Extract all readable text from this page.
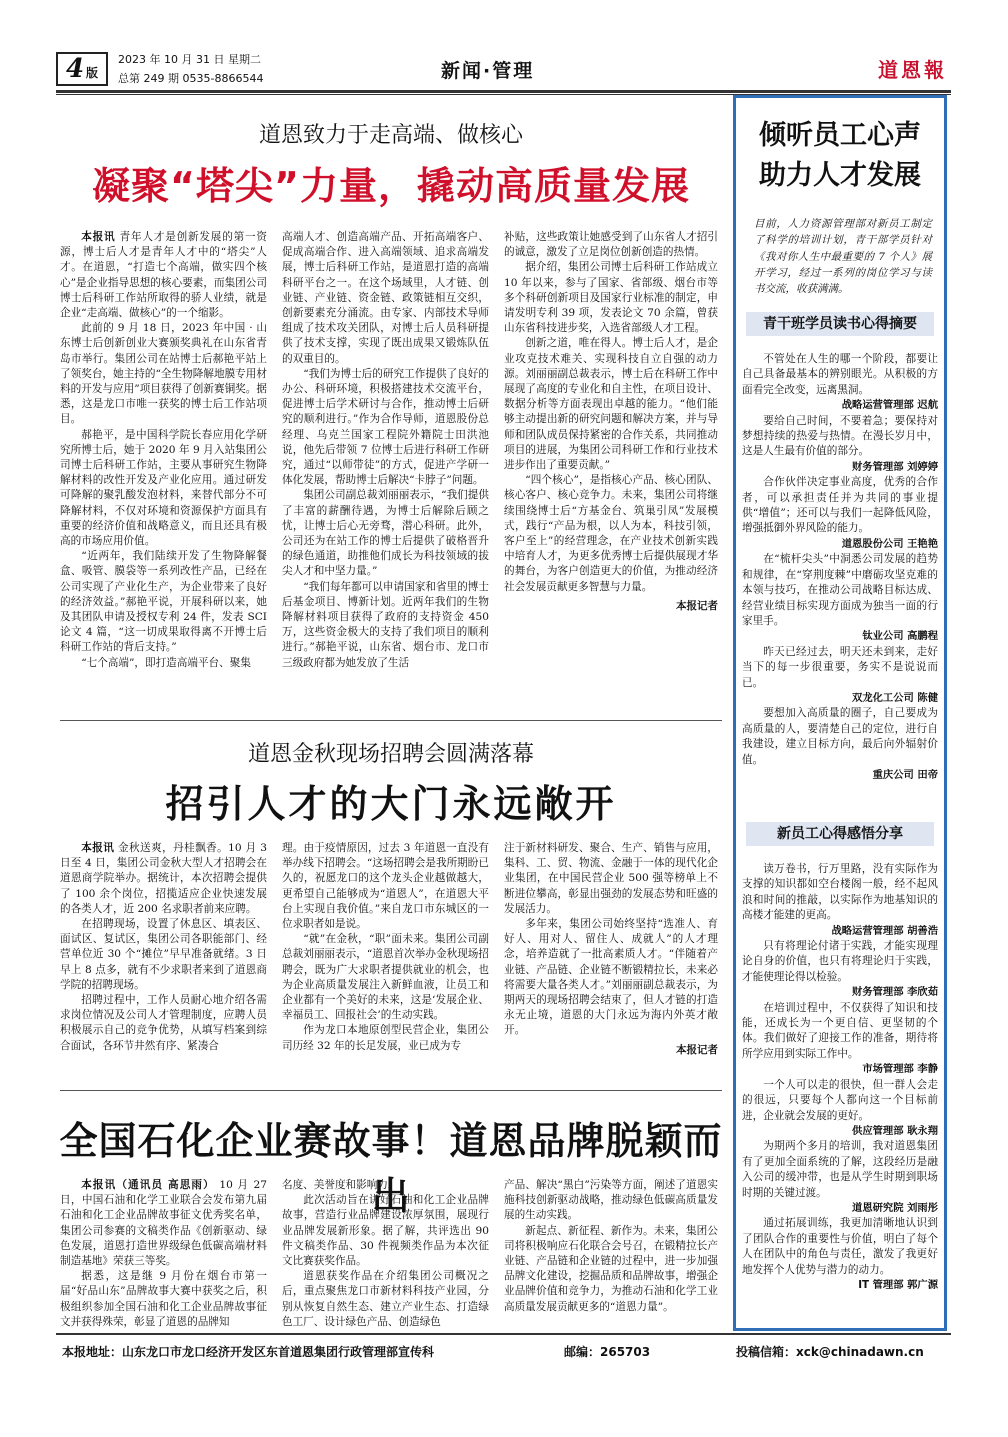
4 版
2023 年 10 月 31 日 星期二
总第 249 期 0535-8866544	新闻·管理	道恩報
道恩致力于走高端、做核心
凝聚“塔尖”力量，撬动高质量发展

本报讯 青年人才是创新发展的第一资源，博士后人才是青年人才中的“塔尖”人才。在道恩，“打造七个高端，做实四个核心”是企业指导思想的核心要素，而集团公司博士后科研工作站所取得的骄人业绩，就是企业“走高端、做核心”的一个缩影。

此前的 9 月 18 日，2023 年中国 · 山东博士后创新创业大赛颁奖典礼在山东省青岛市举行。集团公司在站博士后郝艳平站上了领奖台，她主持的“全生物降解地膜专用材料的开发与应用”项目获得了创新赛铜奖。据悉，这是龙口市唯一获奖的博士后工作站项目。

郝艳平，是中国科学院长春应用化学研究所博士后，她于 2020 年 9 月入站集团公司博士后科研工作站，主要从事研究生物降解材料的改性开发及产业化应用。通过研发可降解的聚乳酸发泡材料，来替代部分不可降解材料，不仅对环境和资源保护方面具有重要的经济价值和战略意义，而且还具有极高的市场应用价值。

“近两年，我们陆续开发了生物降解餐盒、吸管、膜袋等一系列改性产品，已经在公司实现了产业化生产，为企业带来了良好的经济效益。”郝艳平说，开展科研以来，她及其团队申请及授权专利 24 件，发表 SCI 论文 4 篇，“这一切成果取得离不开博士后科研工作站的背后支持。”

“七个高端”，即打造高端平台、聚集

高端人才、创造高端产品、开拓高端客户、促成高端合作、进入高端领域、追求高端发展，博士后科研工作站，是道恩打造的高端科研平台之一。在这个场域里，人才链、创业链、产业链、资金链、政策链相互交织，创新要素充分涌流。由专家、内部技术导师组成了技术攻关团队，对博士后人员科研提供了技术支撑，实现了既出成果又锻炼队伍的双重目的。

“我们为博士后的研究工作提供了良好的办公、科研环境，积极搭建技术交流平台，促进博士后学术研讨与合作，推动博士后研究的顺利进行。”作为合作导师，道恩股份总经理、乌克兰国家工程院外籍院士田洪池说，他先后带领 7 位博士后进行科研工作研究，通过“以师带徒”的方式，促进产学研一体化发展，帮助博士后解决“卡脖子”问题。

集团公司副总裁刘丽丽表示，“我们提供了丰富的薪酬待遇，为博士后解除后顾之忧，让博士后心无旁骛，潜心科研。此外，公司还为在站工作的博士后提供了破格晋升的绿色通道，助推他们成长为科技领域的拔尖人才和中坚力量。”

“我们每年都可以申请国家和省里的博士后基金项目、博新计划。近两年我们的生物降解材料项目获得了政府的支持资金 450 万，这些资金极大的支持了我们项目的顺利进行。”郝艳平说，山东省、烟台市、龙口市三级政府都为她发放了生活

补贴，这些政策让她感受到了山东省人才招引的诚意，激发了立足岗位创新创造的热情。

据介绍，集团公司博士后科研工作站成立 10 年以来，参与了国家、省部级、烟台市等多个科研创新项目及国家行业标准的制定，申请发明专利 39 项，发表论文 70 余篇，曾获山东省科技进步奖，入选省部级人才工程。

创新之道，唯在得人。博士后人才，是企业攻克技术难关、实现科技自立自强的动力源。刘丽丽副总裁表示，博士后在科研工作中展现了高度的专业化和自主性，在项目设计、数据分析等方面表现出卓越的能力。“他们能够主动提出新的研究问题和解决方案，并与导师和团队成员保持紧密的合作关系，共同推动项目的进展，为集团公司科研工作和行业技术进步作出了重要贡献。”

“四个核心”，是指核心产品、核心团队、核心客户、核心竞争力。未来，集团公司将继续围绕博士后“方基金台、筑巢引凤”发展模式，践行“产品为根，以人为本，科技引领，客户至上”的经营理念，在产业技术创新实践中培育人才，为更多优秀博士后提供展现才华的舞台，为客户创造更大的价值，为推动经济社会发展贡献更多智慧与力量。

本报记者
道恩金秋现场招聘会圆满落幕
招引人才的大门永远敞开

本报讯 金秋送爽，丹桂飘香。10 月 3 日至 4 日，集团公司金秋大型人才招聘会在道恩商学院举办。据统计，本次招聘会提供了 100 余个岗位，招揽适应企业快速发展的各类人才，近 200 名求职者前来应聘。

在招聘现场，设置了休息区、填表区、面试区、复试区，集团公司各职能部门、经营单位近 30 个“摊位”早早准备就绪。3 日早上 8 点多，就有不少求职者来到了道恩商学院的招聘现场。

招聘过程中，工作人员耐心地介绍各需求岗位情况及公司人才管理制度，应聘人员积极展示自己的竞争优势，从填写档案到综合面试，各环节井然有序、紧凑合

理。由于疫情原因，过去 3 年道恩一直没有举办线下招聘会。“这场招聘会是我所期盼已久的，祝愿龙口的这个龙头企业越做越大，更希望自己能够成为“道恩人”，在道恩大平台上实现自我价值。”来自龙口市东城区的一位求职者如是说。

“就”在金秋，“职”面未来。集团公司副总裁刘丽丽表示，“道恩首次举办金秋现场招聘会，既为广大求职者提供就业的机会，也为企业高质量发展注入新鲜血液，让员工和企业都有一个美好的未来，这是‘发展企业、幸福员工、回报社会’的生动实践。

作为龙口本地原创型民营企业，集团公司历经 32 年的长足发展，业已成为专

注于新材料研发、聚合、生产、销售与应用，集科、工、贸、物流、金融于一体的现代化企业集团，在中国民营企业 500 强等榜单上不断进位攀高，彰显出强劲的发展态势和旺盛的发展活力。

多年来，集团公司始终坚持“选准人、育好人、用对人、留住人、成就人”的人才理念，培养造就了一批高素质人才。“伴随着产业链、产品链、企业链不断锻精拉长，未来必将需要大量各类人才。”刘丽丽副总裁表示，为期两天的现场招聘会结束了，但人才链的打造永无止境，道恩的大门永远为海内外英才敞开。

本报记者
全国石化企业赛故事！道恩品牌脱颖而出

本报讯（通讯员 高思雨） 10 月 27 日，中国石油和化学工业联合会发布第九届石油和化工企业品牌故事征文优秀奖名单，集团公司参赛的文稿类作品《创新驱动、绿色发展，道恩打造世界级绿色低碳高端材料制造基地》荣获三等奖。

据悉，这是继 9 月份在烟台市第一届“好品山东”品牌故事大赛中获奖之后，积极组织参加全国石油和化工企业品牌故事征文并获得殊荣，彰显了道恩的品牌知

名度、美誉度和影响力。

此次活动旨在讲好石油和化工企业品牌故事，营造行业品牌建设浓厚氛围，展现行业品牌发展新形象。据了解，共评选出 90 件文稿类作品、30 件视频类作品为本次征文比赛获奖作品。

道恩获奖作品在介绍集团公司概况之后，重点聚焦龙口市新材料科技产业园，分别从恢复自然生态、建立产业生态、打造绿色工厂、设计绿色产品、创造绿色

产品、解决“黑白”污染等方面，阐述了道恩实施科技创新驱动战略，推动绿色低碳高质量发展的生动实践。

新起点、新征程、新作为。未来，集团公司将积极响应石化联合会号召，在锻精拉长产业链、产品链和企业链的过程中，进一步加强品牌文化建设，挖掘品质和品牌故事，增强企业品牌价值和竞争力，为推动石油和化学工业高质量发展贡献更多的“道恩力量”。

倾听员工心声
助力人才发展
目前，人力资源管理部对新员工制定了科学的培训计划，青干部学员针对《我对你人生中最重要的 7 个人》展开学习，经过一系列的岗位学习与读书交流，收获满满。
青干班学员读书心得摘要

不管处在人生的哪一个阶段，都要让自己具备最基本的辨别眼光。从积极的方面看完全改变，远离黑洞。

战略运营管理部 迟航

要给自己时间，不要着急；要保持对梦想持续的热爱与热情。在漫长岁月中，这是人生最有价值的部分。

财务管理部 刘婷婷

合作伙伴决定事业高度，优秀的合作者，可以承担责任并为共同的事业提供“增值”；还可以与我们一起降低风险，增强抵御外界风险的能力。

道恩股份公司 王艳艳

在“梳杆尖头”中洞悉公司发展的趋势和规律，在“穿荆度棘”中磨砺攻坚克难的本领与技巧，在推动公司战略目标达成、经营业绩目标实现方面成为独当一面的行家里手。

钛业公司 高鹏程

昨天已经过去，明天还未到来，走好当下的每一步很重要，务实不是说说而已。

双龙化工公司 陈健

要想加入高质量的圈子，自己要成为高质量的人，要清楚自己的定位，进行自我建设，建立目标方向，最后向外辐射价值。

重庆公司 田帝
新员工心得感悟分享

读万卷书，行万里路，没有实际作为支撑的知识都如空台楼阁一般，经不起风浪和时间的推敲，以实际作为地基知识的高楼才能建的更高。

战略运营管理部 胡善浩

只有将理论付诸于实践，才能实现理论自身的价值，也只有将理论归于实践，才能使理论得以检验。

财务管理部 李欣茹

在培训过程中，不仅获得了知识和技能，还成长为一个更自信、更坚韧的个体。我们做好了迎接工作的准备，期待将所学应用到实际工作中。

市场管理部 李静

一个人可以走的很快，但一群人会走的很远，只要每个人都向这一个目标前进，企业就会发展的更好。

供应管理部 耿永翔

为期两个多月的培训，我对道恩集团有了更加全面系统的了解，这段经历是融入公司的缓冲带，也是从学生时期到职场时期的关键过渡。

道恩研究院 刘雨彤

通过拓展训练，我更加清晰地认识到了团队合作的重要性与价值，明白了每个人在团队中的角色与责任，激发了我更好地发挥个人优势与潜力的动力。

IT 管理部 郭广源
本报地址：山东龙口市龙口经济开发区东首道恩集团行政管理部宣传科	邮编：265703	投稿信箱：xck@chinadawn.cn
